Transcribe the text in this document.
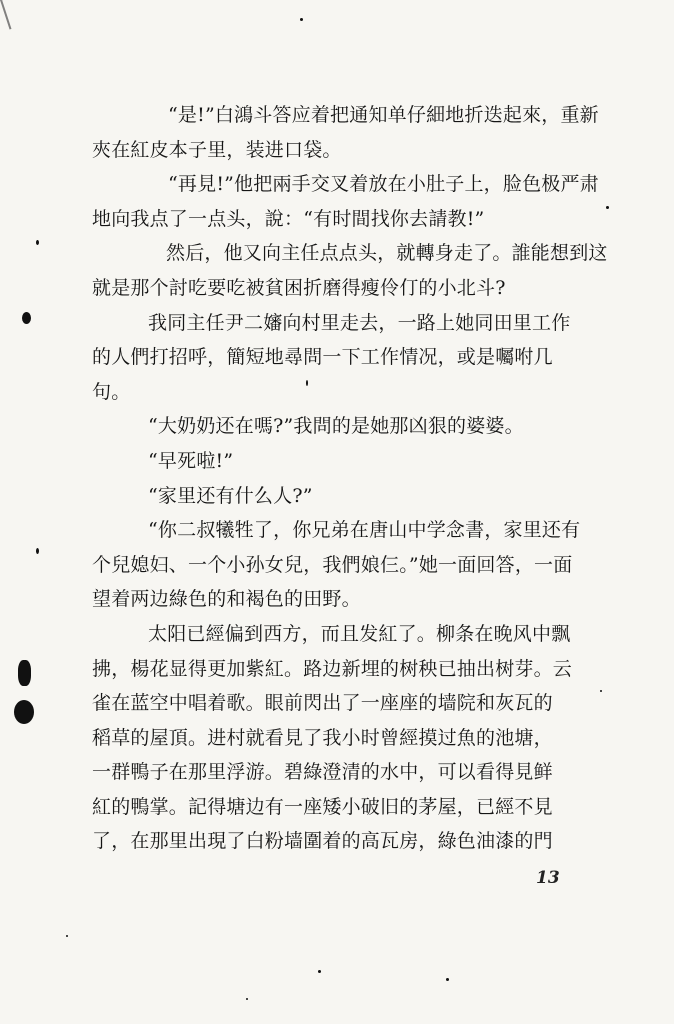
“是!”白鴻斗答应着把通知单仔細地折迭起來，重新
夾在紅皮本子里，装进口袋。
“再見!”他把兩手交叉着放在小肚子上，脸色极严肃
地向我点了一点头，說：“有时間找你去請教!”
然后，他又向主任点点头，就轉身走了。誰能想到这
就是那个討吃要吃被貧困折磨得瘦伶仃的小北斗?
我同主任尹二嬸向村里走去，一路上她同田里工作
的人們打招呼，簡短地尋問一下工作情况，或是囑咐几
句。
“大奶奶还在嗎?”我問的是她那凶狠的婆婆。
“早死啦!”
“家里还有什么人?”
“你二叔犧牲了，你兄弟在唐山中学念書，家里还有
个兒媳妇、一个小孙女兒，我們娘仨。”她一面回答，一面
望着两边綠色的和褐色的田野。
太阳已經偏到西方，而且发紅了。柳条在晚风中飘
拂，楊花显得更加紫紅。路边新埋的树秧已抽出树芽。云
雀在蓝空中唱着歌。眼前閃出了一座座的墙院和灰瓦的
稻草的屋頂。进村就看見了我小时曾經摸过魚的池塘，
一群鴨子在那里浮游。碧綠澄清的水中，可以看得見鲜
紅的鴨掌。記得塘边有一座矮小破旧的茅屋，已經不見
了，在那里出現了白粉墙圍着的高瓦房，綠色油漆的門
13
